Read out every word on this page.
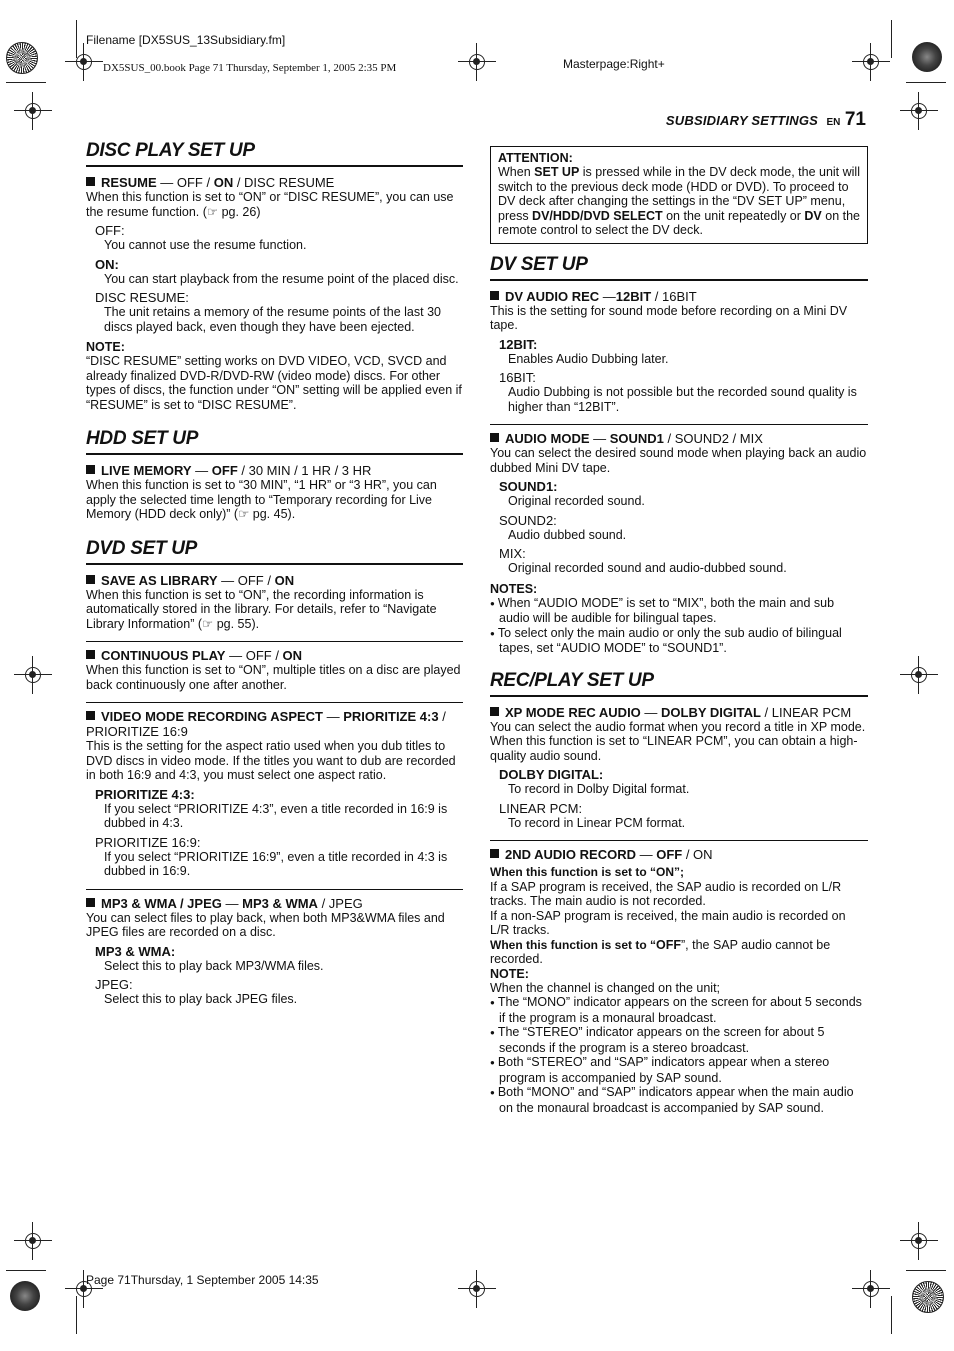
Filename [DX5SUS_13Subsidiary.fm]
DX5SUS_00.book Page 71 Thursday, September 1, 2005 2:35 PM	Masterpage:Right+
SUBSIDIARY SETTINGS EN 71
DISC PLAY SET UP
RESUME — OFF / ON / DISC RESUME
When this function is set to “ON” or “DISC RESUME”, you can use the resume function. (☞ pg. 26)
OFF:
You cannot use the resume function.
ON:
You can start playback from the resume point of the placed disc.
DISC RESUME:
The unit retains a memory of the resume points of the last 30 discs played back, even though they have been ejected.
NOTE:
“DISC RESUME” setting works on DVD VIDEO, VCD, SVCD and already finalized DVD-R/DVD-RW (video mode) discs. For other types of discs, the function under “ON” setting will be applied even if “RESUME” is set to “DISC RESUME”.
HDD SET UP
LIVE MEMORY — OFF / 30 MIN / 1 HR / 3 HR
When this function is set to “30 MIN”, “1 HR” or “3 HR”, you can apply the selected time length to “Temporary recording for Live Memory (HDD deck only)” (☞ pg. 45).
DVD SET UP
SAVE AS LIBRARY — OFF / ON
When this function is set to “ON”, the recording information is automatically stored in the library. For details, refer to “Navigate Library Information” (☞ pg. 55).
CONTINUOUS PLAY — OFF / ON
When this function is set to “ON”, multiple titles on a disc are played back continuously one after another.
VIDEO MODE RECORDING ASPECT — PRIORITIZE 4:3 / PRIORITIZE 16:9
This is the setting for the aspect ratio used when you dub titles to DVD discs in video mode. If the titles you want to dub are recorded in both 16:9 and 4:3, you must select one aspect ratio.
PRIORITIZE 4:3:
If you select “PRIORITIZE 4:3”, even a title recorded in 16:9 is dubbed in 4:3.
PRIORITIZE 16:9:
If you select “PRIORITIZE 16:9”, even a title recorded in 4:3 is dubbed in 16:9.
MP3 & WMA / JPEG — MP3 & WMA / JPEG
You can select files to play back, when both MP3&WMA files and JPEG files are recorded on a disc.
MP3 & WMA:
Select this to play back MP3/WMA files.
JPEG:
Select this to play back JPEG files.
ATTENTION:
When SET UP is pressed while in the DV deck mode, the unit will switch to the previous deck mode (HDD or DVD). To proceed to DV deck after changing the settings in the “DV SET UP” menu, press DV/HDD/DVD SELECT on the unit repeatedly or DV on the remote control to select the DV deck.
DV SET UP
DV AUDIO REC —12BIT / 16BIT
This is the setting for sound mode before recording on a Mini DV tape.
12BIT:
Enables Audio Dubbing later.
16BIT:
Audio Dubbing is not possible but the recorded sound quality is higher than “12BIT”.
AUDIO MODE — SOUND1 / SOUND2 / MIX
You can select the desired sound mode when playing back an audio dubbed Mini DV tape.
SOUND1:
Original recorded sound.
SOUND2:
Audio dubbed sound.
MIX:
Original recorded sound and audio-dubbed sound.
NOTES:
● When “AUDIO MODE” is set to “MIX”, both the main and sub audio will be audible for bilingual tapes.
● To select only the main audio or only the sub audio of bilingual tapes, set “AUDIO MODE” to “SOUND1”.
REC/PLAY SET UP
XP MODE REC AUDIO — DOLBY DIGITAL / LINEAR PCM
You can select the audio format when you record a title in XP mode. When this function is set to “LINEAR PCM”, you can obtain a high-quality audio sound.
DOLBY DIGITAL:
To record in Dolby Digital format.
LINEAR PCM:
To record in Linear PCM format.
2ND AUDIO RECORD — OFF / ON
When this function is set to “ON”;
If a SAP program is received, the SAP audio is recorded on L/R tracks. The main audio is not recorded.
If a non-SAP program is received, the main audio is recorded on L/R tracks.
When this function is set to “OFF”, the SAP audio cannot be recorded.
NOTE:
When the channel is changed on the unit;
● The “MONO” indicator appears on the screen for about 5 seconds if the program is a monaural broadcast.
● The “STEREO” indicator appears on the screen for about 5 seconds if the program is a stereo broadcast.
● Both “STEREO” and “SAP” indicators appear when a stereo program is accompanied by SAP sound.
● Both “MONO” and “SAP” indicators appear when the main audio on the monaural broadcast is accompanied by SAP sound.
Page 71Thursday, 1 September 2005 14:35
